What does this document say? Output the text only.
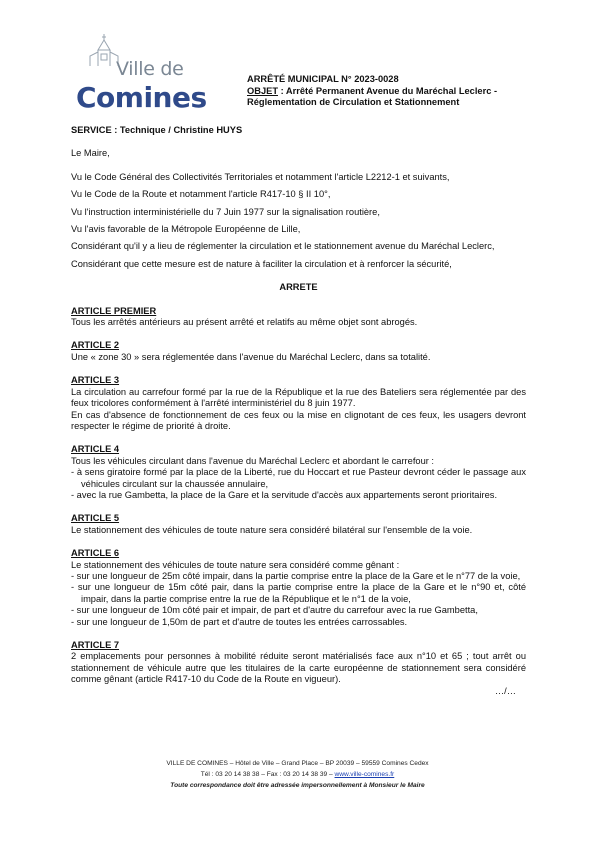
Ville de
Comines
ARRÊTÉ MUNICIPAL N° 2023-0028
OBJET : Arrêté Permanent Avenue du Maréchal Leclerc -
Réglementation de Circulation et Stationnement

SERVICE : Technique / Christine HUYS

Le Maire,

Vu le Code Général des Collectivités Territoriales et notamment l'article L2212-1 et suivants,

Vu le Code de la Route et notamment l'article R417-10 § II 10°,

Vu l'instruction interministérielle du 7 Juin 1977 sur la signalisation routière,

Vu l'avis favorable de la Métropole Européenne de Lille,

Considérant qu'il y a lieu de réglementer la circulation et le stationnement avenue du Maréchal Leclerc,

Considérant que cette mesure est de nature à faciliter la circulation et à renforcer la sécurité,

ARRETE

ARTICLE PREMIER

Tous les arrêtés antérieurs au présent arrêté et relatifs au même objet sont abrogés.

ARTICLE 2

Une « zone 30 » sera réglementée dans l'avenue du Maréchal Leclerc, dans sa totalité.

ARTICLE 3

La circulation au carrefour formé par la rue de la République et la rue des Bateliers sera réglementée par des feux tricolores conformément à l'arrêté interministériel du 8 juin 1977.

En cas d'absence de fonctionnement de ces feux ou la mise en clignotant de ces feux, les usagers devront respecter le régime de priorité à droite.

ARTICLE 4

Tous les véhicules circulant dans l'avenue du Maréchal Leclerc et abordant le carrefour :

- à sens giratoire formé par la place de la Liberté, rue du Hoccart et rue Pasteur devront céder le passage aux véhicules circulant sur la chaussée annulaire,

- avec la rue Gambetta, la place de la Gare et la servitude d'accès aux appartements seront prioritaires.

ARTICLE 5

Le stationnement des véhicules de toute nature sera considéré bilatéral sur l'ensemble de la voie.

ARTICLE 6

Le stationnement des véhicules de toute nature sera considéré comme gênant :

- sur une longueur de 25m côté impair, dans la partie comprise entre la place de la Gare et le n°77 de la voie,

- sur une longueur de 15m côté pair, dans la partie comprise entre la place de la Gare et le n°90 et, côté impair, dans la partie comprise entre la rue de la République et le n°1 de la voie,

- sur une longueur de 10m côté pair et impair, de part et d'autre du carrefour avec la rue Gambetta,

- sur une longueur de 1,50m de part et d'autre de toutes les entrées carrossables.

ARTICLE 7

2 emplacements pour personnes à mobilité réduite seront matérialisés face aux n°10 et 65 ; tout arrêt ou stationnement de véhicule autre que les titulaires de la carte européenne de stationnement sera considéré comme gênant (article R417-10 du Code de la Route en vigueur).

…/…

VILLE DE COMINES – Hôtel de Ville – Grand Place – BP 20039 – 59559 Comines Cedex
Tél : 03 20 14 38 38 – Fax : 03 20 14 38 39 – www.ville-comines.fr
Toute correspondance doit être adressée impersonnellement à Monsieur le Maire
